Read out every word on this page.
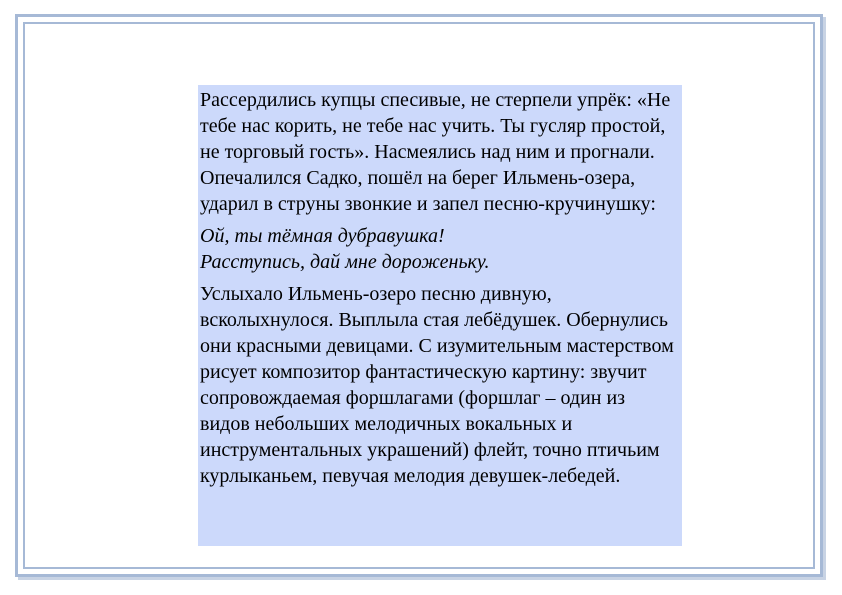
Рассердились купцы спесивые, не стерпели упрёк: «Не тебе нас корить, не тебе нас учить. Ты гусляр простой, не торговый гость». Насмеялись над ним и прогнали. Опечалился Садко, пошёл на берег Ильмень-озера, ударил в струны звонкие и запел песню-кручинушку:

Ой, ты тёмная дубравушка!
Расступись, дай мне дороженьку.

Услыхало Ильмень-озеро песню дивную, всколыхнулося. Выплыла стая лебёдушек. Обернулись они красными девицами. С изумительным мастерством рисует композитор фантастическую картину: звучит сопровождаемая форшлагами (форшлаг – один из видов небольших мелодичных вокальных и инструментальных украшений) флейт, точно птичьим курлыканьем, певучая мелодия девушек-лебедей.
